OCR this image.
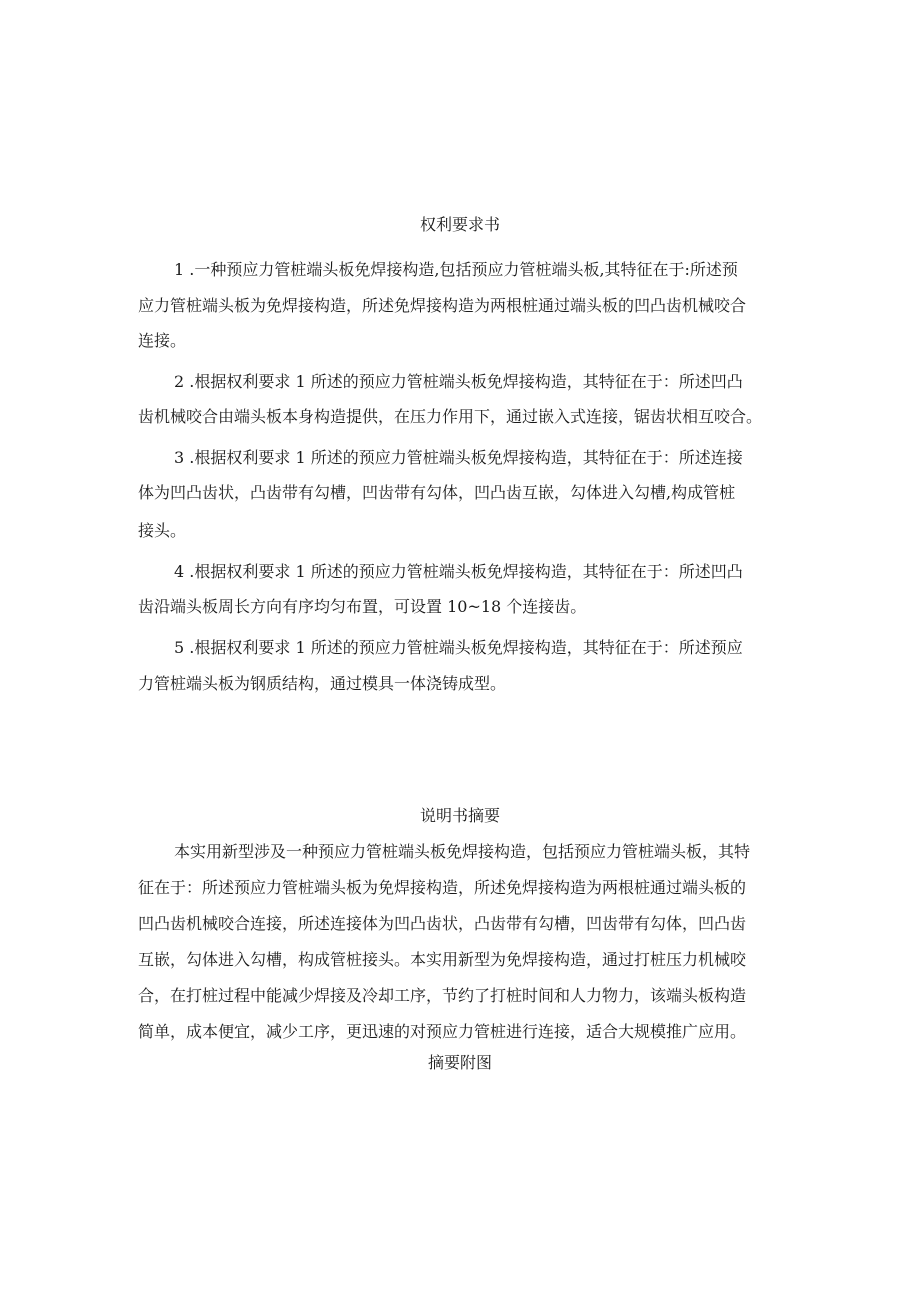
权利要求书

1 .一种预应力管桩端头板免焊接构造,包括预应力管桩端头板,其特征在于:所述预

应力管桩端头板为免焊接构造，所述免焊接构造为两根桩通过端头板的凹凸齿机械咬合

连接。

2 .根据权利要求 1 所述的预应力管桩端头板免焊接构造，其特征在于：所述凹凸

齿机械咬合由端头板本身构造提供，在压力作用下，通过嵌入式连接，锯齿状相互咬合。

3 .根据权利要求 1 所述的预应力管桩端头板免焊接构造，其特征在于：所述连接

体为凹凸齿状，凸齿带有勾槽，凹齿带有勾体，凹凸齿互嵌，勾体进入勾槽,构成管桩

接头。

4 .根据权利要求 1 所述的预应力管桩端头板免焊接构造，其特征在于：所述凹凸

齿沿端头板周长方向有序均匀布置，可设置 10~18 个连接齿。

5 .根据权利要求 1 所述的预应力管桩端头板免焊接构造，其特征在于：所述预应

力管桩端头板为钢质结构，通过模具一体浇铸成型。

说明书摘要

本实用新型涉及一种预应力管桩端头板免焊接构造，包括预应力管桩端头板，其特

征在于：所述预应力管桩端头板为免焊接构造，所述免焊接构造为两根桩通过端头板的

凹凸齿机械咬合连接，所述连接体为凹凸齿状，凸齿带有勾槽，凹齿带有勾体，凹凸齿

互嵌，勾体进入勾槽，构成管桩接头。本实用新型为免焊接构造，通过打桩压力机械咬

合，在打桩过程中能减少焊接及冷却工序，节约了打桩时间和人力物力，该端头板构造

简单，成本便宜，减少工序，更迅速的对预应力管桩进行连接，适合大规模推广应用。

摘要附图
